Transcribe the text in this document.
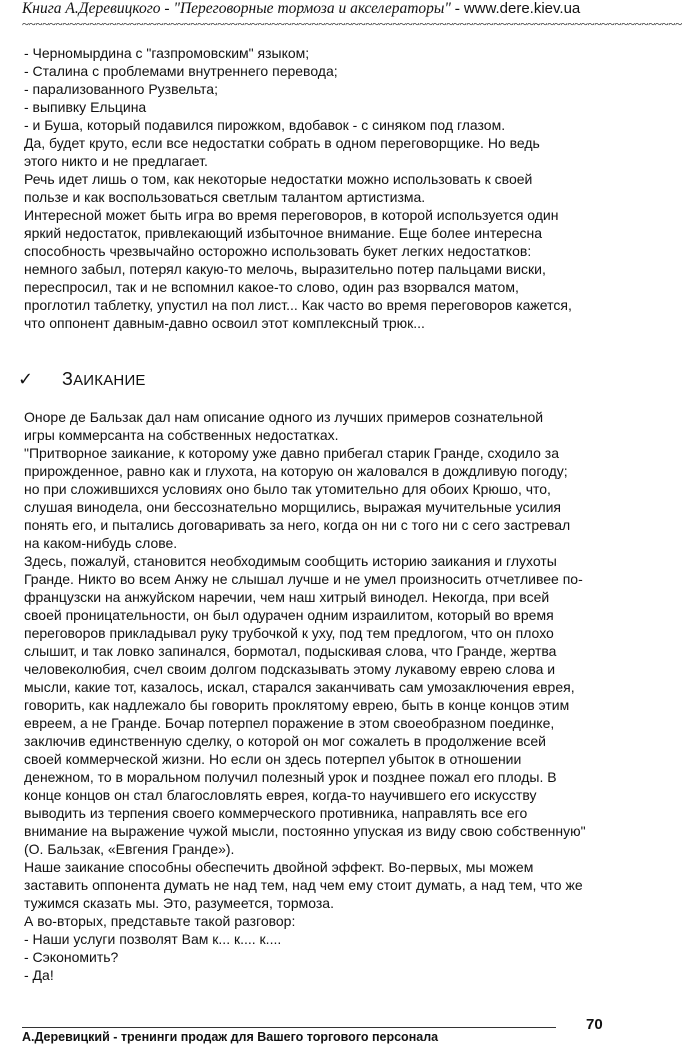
Книга А.Деревицкого - "Переговорные тормоза и акселераторы" - www.dere.kiev.ua
~~~~~~~~~~~~~~~~~~~~~~~~~~~~~~~~~~~~~~~~~~~~~~~~~~~~~~~~~~~~~~~~~~~~~~~~~~~~~~~~~~~~~~~~~~~~~~~~~~

- Черномырдина с "газпромовским" языком;

- Сталина с проблемами внутреннего перевода;

- парализованного Рузвельта;

- выпивку Ельцина

- и Буша, который подавился пирожком, вдобавок - с синяком под глазом.

Да, будет круто, если все недостатки собрать в одном переговорщике. Но ведь
этого никто и не предлагает.

Речь идет лишь о том, как некоторые недостатки можно использовать к своей
пользе и как воспользоваться светлым талантом артистизма.

Интересной может быть игра во время переговоров, в которой используется один
яркий недостаток, привлекающий избыточное внимание. Еще более интересна
способность чрезвычайно осторожно использовать букет легких недостатков:
немного забыл, потерял какую-то мелочь, выразительно потер пальцами виски,
переспросил, так и не вспомнил какое-то слово, один раз взорвался матом,
проглотил таблетку, упустил на пол лист... Как часто во время переговоров кажется,
что оппонент давным-давно освоил этот комплексный трюк...

✓	ЗАИКАНИЕ

Оноре де Бальзак дал нам описание одного из лучших примеров сознательной
игры коммерсанта на собственных недостатках.

"Притворное заикание, к которому уже давно прибегал старик Гранде, сходило за
прирожденное, равно как и глухота, на которую он жаловался в дождливую погоду;
но при сложившихся условиях оно было так утомительно для обоих Крюшо, что,
слушая винодела, они бессознательно морщились, выражая мучительные усилия
понять его, и пытались договаривать за него, когда он ни с того ни с сего застревал
на каком-нибудь слове.

Здесь, пожалуй, становится необходимым сообщить историю заикания и глухоты
Гранде. Никто во всем Анжу не слышал лучше и не умел произносить отчетливее по-
французски на анжуйском наречии, чем наш хитрый винодел. Некогда, при всей
своей проницательности, он был одурачен одним израилитом, который во время
переговоров прикладывал руку трубочкой к уху, под тем предлогом, что он плохо
слышит, и так ловко запинался, бормотал, подыскивая слова, что Гранде, жертва
человеколюбия, счел своим долгом подсказывать этому лукавому еврею слова и
мысли, какие тот, казалось, искал, старался заканчивать сам умозаключения еврея,
говорить, как надлежало бы говорить проклятому еврею, быть в конце концов этим
евреем, а не Гранде. Бочар потерпел поражение в этом своеобразном поединке,
заключив единственную сделку, о которой он мог сожалеть в продолжение всей
своей коммерческой жизни. Но если он здесь потерпел убыток в отношении
денежном, то в моральном получил полезный урок и позднее пожал его плоды. В
конце концов он стал благословлять еврея, когда-то научившего его искусству
выводить из терпения своего коммерческого противника, направлять все его
внимание на выражение чужой мысли, постоянно упуская из виду свою собственную"
(О. Бальзак, «Евгения Гранде»).

Наше заикание способны обеспечить двойной эффект. Во-первых, мы можем
заставить оппонента думать не над тем, над чем ему стоит думать, а над тем, что же
тужимся сказать мы. Это, разумеется, тормоза.

А во-вторых, представьте такой разговор:

- Наши услуги позволят Вам к... к.... к....

- Сэкономить?

- Да!

70
А.Деревицкий - тренинги продаж для Вашего торгового персонала
